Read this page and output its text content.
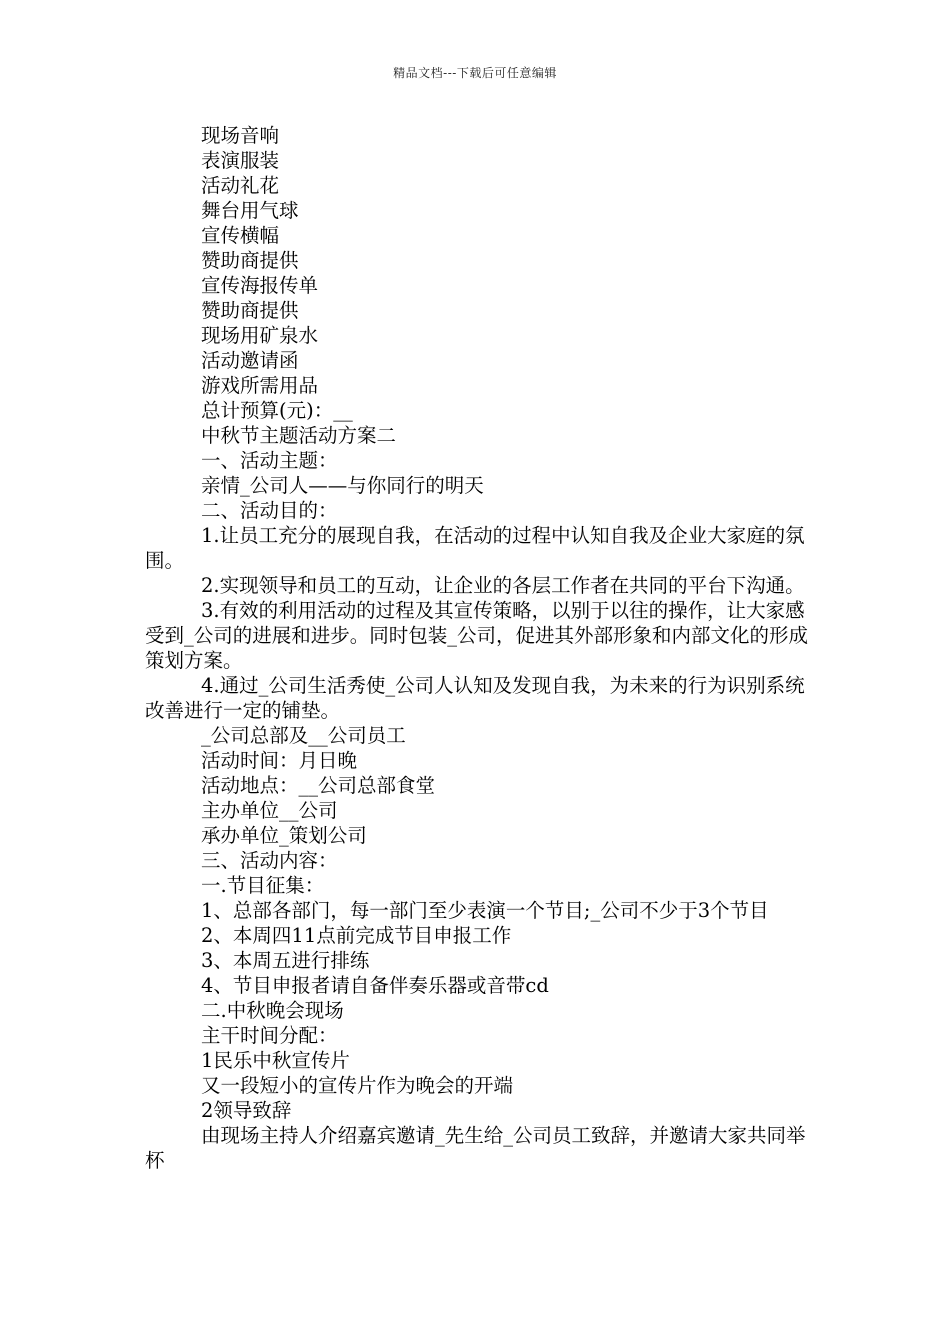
精品文档---下载后可任意编辑

现场音响

表演服装

活动礼花

舞台用气球

宣传横幅

赞助商提供

宣传海报传单

赞助商提供

现场用矿泉水

活动邀请函

游戏所需用品

总计预算(元)：__

中秋节主题活动方案二

一、活动主题：

亲情_公司人——与你同行的明天

二、活动目的：

1.让员工充分的展现自我，在活动的过程中认知自我及企业大家庭的氛围。

2.实现领导和员工的互动，让企业的各层工作者在共同的平台下沟通。

3.有效的利用活动的过程及其宣传策略，以别于以往的操作，让大家感受到_公司的进展和进步。同时包装_公司，促进其外部形象和内部文化的形成策划方案。

4.通过_公司生活秀使_公司人认知及发现自我，为未来的行为识别系统改善进行一定的铺垫。

_公司总部及__公司员工

活动时间：月日晚

活动地点：__公司总部食堂

主办单位__公司

承办单位_策划公司

三、活动内容：

一.节目征集：

1、总部各部门，每一部门至少表演一个节目;_公司不少于3个节目

2、本周四11点前完成节目申报工作

3、本周五进行排练

4、节目申报者请自备伴奏乐器或音带cd

二.中秋晚会现场

主干时间分配：

1民乐中秋宣传片

又一段短小的宣传片作为晚会的开端

2领导致辞

由现场主持人介绍嘉宾邀请_先生给_公司员工致辞，并邀请大家共同举杯
